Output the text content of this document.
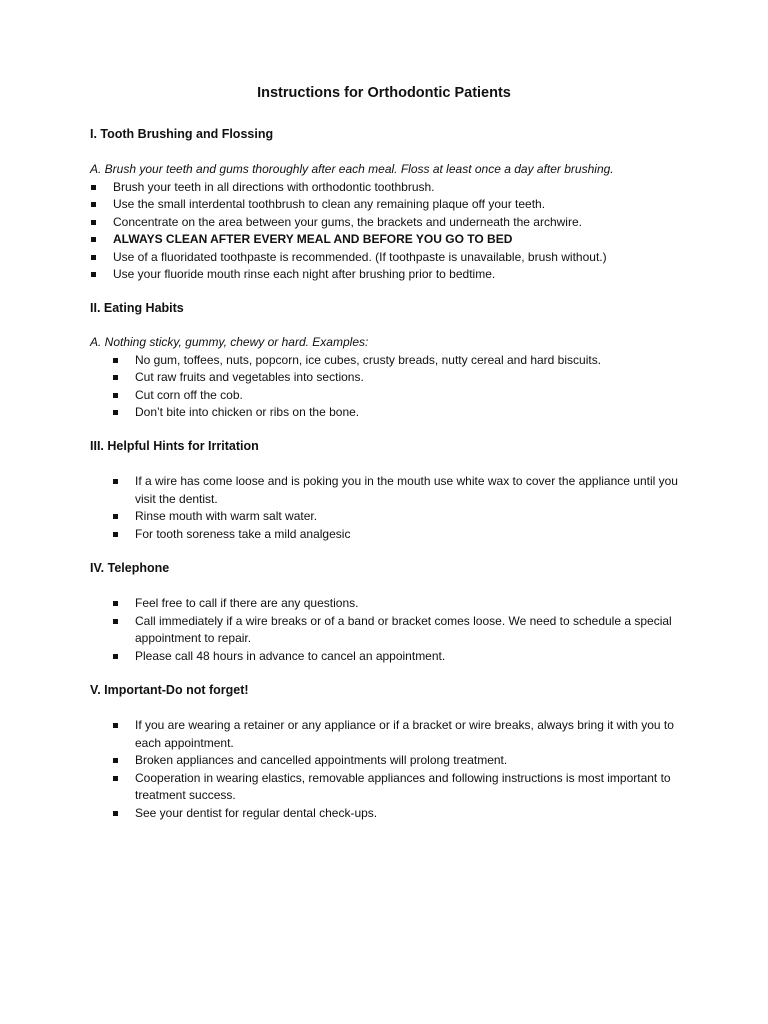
Instructions for Orthodontic Patients
I. Tooth Brushing and Flossing

A. Brush your teeth and gums thoroughly after each meal. Floss at least once a day after brushing.

Brush your teeth in all directions with orthodontic toothbrush.
Use the small interdental toothbrush to clean any remaining plaque off your teeth.
Concentrate on the area between your gums, the brackets and underneath the archwire.
ALWAYS CLEAN AFTER EVERY MEAL AND BEFORE YOU GO TO BED
Use of a fluoridated toothpaste is recommended. (If toothpaste is unavailable, brush without.)
Use your fluoride mouth rinse each night after brushing prior to bedtime.
II. Eating Habits

A. Nothing sticky, gummy, chewy or hard. Examples:

No gum, toffees, nuts, popcorn, ice cubes, crusty breads, nutty cereal and hard biscuits.
Cut raw fruits and vegetables into sections.
Cut corn off the cob.
Don’t bite into chicken or ribs on the bone.
III. Helpful Hints for Irritation
If a wire has come loose and is poking you in the mouth use white wax to cover the appliance until you visit the dentist.
Rinse mouth with warm salt water.
For tooth soreness take a mild analgesic
IV. Telephone
Feel free to call if there are any questions.
Call immediately if a wire breaks or of a band or bracket comes loose. We need to schedule a special appointment to repair.
Please call 48 hours in advance to cancel an appointment.
V. Important-Do not forget!
If you are wearing a retainer or any appliance or if a bracket or wire breaks, always bring it with you to each appointment.
Broken appliances and cancelled appointments will prolong treatment.
Cooperation in wearing elastics, removable appliances and following instructions is most important to treatment success.
See your dentist for regular dental check-ups.
